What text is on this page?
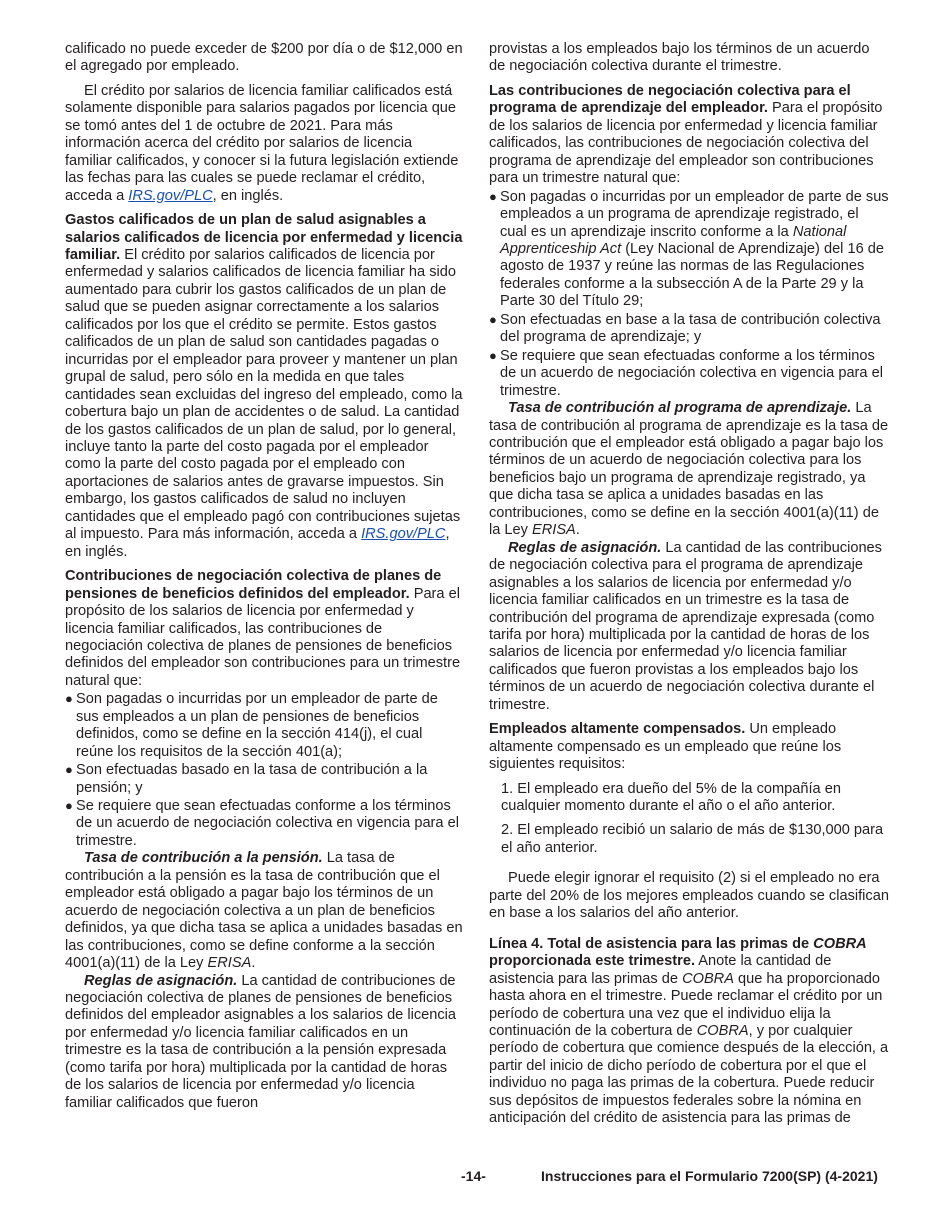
calificado no puede exceder de $200 por día o de $12,000 en el agregado por empleado.

El crédito por salarios de licencia familiar calificados está solamente disponible para salarios pagados por licencia que se tomó antes del 1 de octubre de 2021. Para más información acerca del crédito por salarios de licencia familiar calificados, y conocer si la futura legislación extiende las fechas para las cuales se puede reclamar el crédito, acceda a IRS.gov/PLC, en inglés.

Gastos calificados de un plan de salud asignables a salarios calificados de licencia por enfermedad y licencia familiar. El crédito por salarios calificados de licencia por enfermedad y salarios calificados de licencia familiar ha sido aumentado para cubrir los gastos calificados de un plan de salud que se pueden asignar correctamente a los salarios calificados por los que el crédito se permite. Estos gastos calificados de un plan de salud son cantidades pagadas o incurridas por el empleador para proveer y mantener un plan grupal de salud, pero sólo en la medida en que tales cantidades sean excluidas del ingreso del empleado, como la cobertura bajo un plan de accidentes o de salud. La cantidad de los gastos calificados de un plan de salud, por lo general, incluye tanto la parte del costo pagada por el empleador como la parte del costo pagada por el empleado con aportaciones de salarios antes de gravarse impuestos. Sin embargo, los gastos calificados de salud no incluyen cantidades que el empleado pagó con contribuciones sujetas al impuesto. Para más información, acceda a IRS.gov/PLC, en inglés.

Contribuciones de negociación colectiva de planes de pensiones de beneficios definidos del empleador. Para el propósito de los salarios de licencia por enfermedad y licencia familiar calificados, las contribuciones de negociación colectiva de planes de pensiones de beneficios definidos del empleador son contribuciones para un trimestre natural que:

● Son pagadas o incurridas por un empleador de parte de sus empleados a un plan de pensiones de beneficios definidos, como se define en la sección 414(j), el cual reúne los requisitos de la sección 401(a);

● Son efectuadas basado en la tasa de contribución a la pensión; y

● Se requiere que sean efectuadas conforme a los términos de un acuerdo de negociación colectiva en vigencia para el trimestre.

Tasa de contribución a la pensión. La tasa de contribución a la pensión es la tasa de contribución que el empleador está obligado a pagar bajo los términos de un acuerdo de negociación colectiva a un plan de beneficios definidos, ya que dicha tasa se aplica a unidades basadas en las contribuciones, como se define conforme a la sección 4001(a)(11) de la Ley ERISA.

Reglas de asignación. La cantidad de contribuciones de negociación colectiva de planes de pensiones de beneficios definidos del empleador asignables a los salarios de licencia por enfermedad y/o licencia familiar calificados en un trimestre es la tasa de contribución a la pensión expresada (como tarifa por hora) multiplicada por la cantidad de horas de los salarios de licencia por enfermedad y/o licencia familiar calificados que fueron

provistas a los empleados bajo los términos de un acuerdo de negociación colectiva durante el trimestre.

Las contribuciones de negociación colectiva para el programa de aprendizaje del empleador. Para el propósito de los salarios de licencia por enfermedad y licencia familiar calificados, las contribuciones de negociación colectiva del programa de aprendizaje del empleador son contribuciones para un trimestre natural que:

● Son pagadas o incurridas por un empleador de parte de sus empleados a un programa de aprendizaje registrado, el cual es un aprendizaje inscrito conforme a la National Apprenticeship Act (Ley Nacional de Aprendizaje) del 16 de agosto de 1937 y reúne las normas de las Regulaciones federales conforme a la subsección A de la Parte 29 y la Parte 30 del Título 29;

● Son efectuadas en base a la tasa de contribución colectiva del programa de aprendizaje; y

● Se requiere que sean efectuadas conforme a los términos de un acuerdo de negociación colectiva en vigencia para el trimestre.

Tasa de contribución al programa de aprendizaje. La tasa de contribución al programa de aprendizaje es la tasa de contribución que el empleador está obligado a pagar bajo los términos de un acuerdo de negociación colectiva para los beneficios bajo un programa de aprendizaje registrado, ya que dicha tasa se aplica a unidades basadas en las contribuciones, como se define en la sección 4001(a)(11) de la Ley ERISA.

Reglas de asignación. La cantidad de las contribuciones de negociación colectiva para el programa de aprendizaje asignables a los salarios de licencia por enfermedad y/o licencia familiar calificados en un trimestre es la tasa de contribución del programa de aprendizaje expresada (como tarifa por hora) multiplicada por la cantidad de horas de los salarios de licencia por enfermedad y/o licencia familiar calificados que fueron provistas a los empleados bajo los términos de un acuerdo de negociación colectiva durante el trimestre.

Empleados altamente compensados. Un empleado altamente compensado es un empleado que reúne los siguientes requisitos:

1. El empleado era dueño del 5% de la compañía en cualquier momento durante el año o el año anterior.

2. El empleado recibió un salario de más de $130,000 para el año anterior.

Puede elegir ignorar el requisito (2) si el empleado no era parte del 20% de los mejores empleados cuando se clasifican en base a los salarios del año anterior.

Línea 4. Total de asistencia para las primas de COBRA proporcionada este trimestre. Anote la cantidad de asistencia para las primas de COBRA que ha proporcionado hasta ahora en el trimestre. Puede reclamar el crédito por un período de cobertura una vez que el individuo elija la continuación de la cobertura de COBRA, y por cualquier período de cobertura que comience después de la elección, a partir del inicio de dicho período de cobertura por el que el individuo no paga las primas de la cobertura. Puede reducir sus depósitos de impuestos federales sobre la nómina en anticipación del crédito de asistencia para las primas de

-14-	Instrucciones para el Formulario 7200(SP) (4-2021)
